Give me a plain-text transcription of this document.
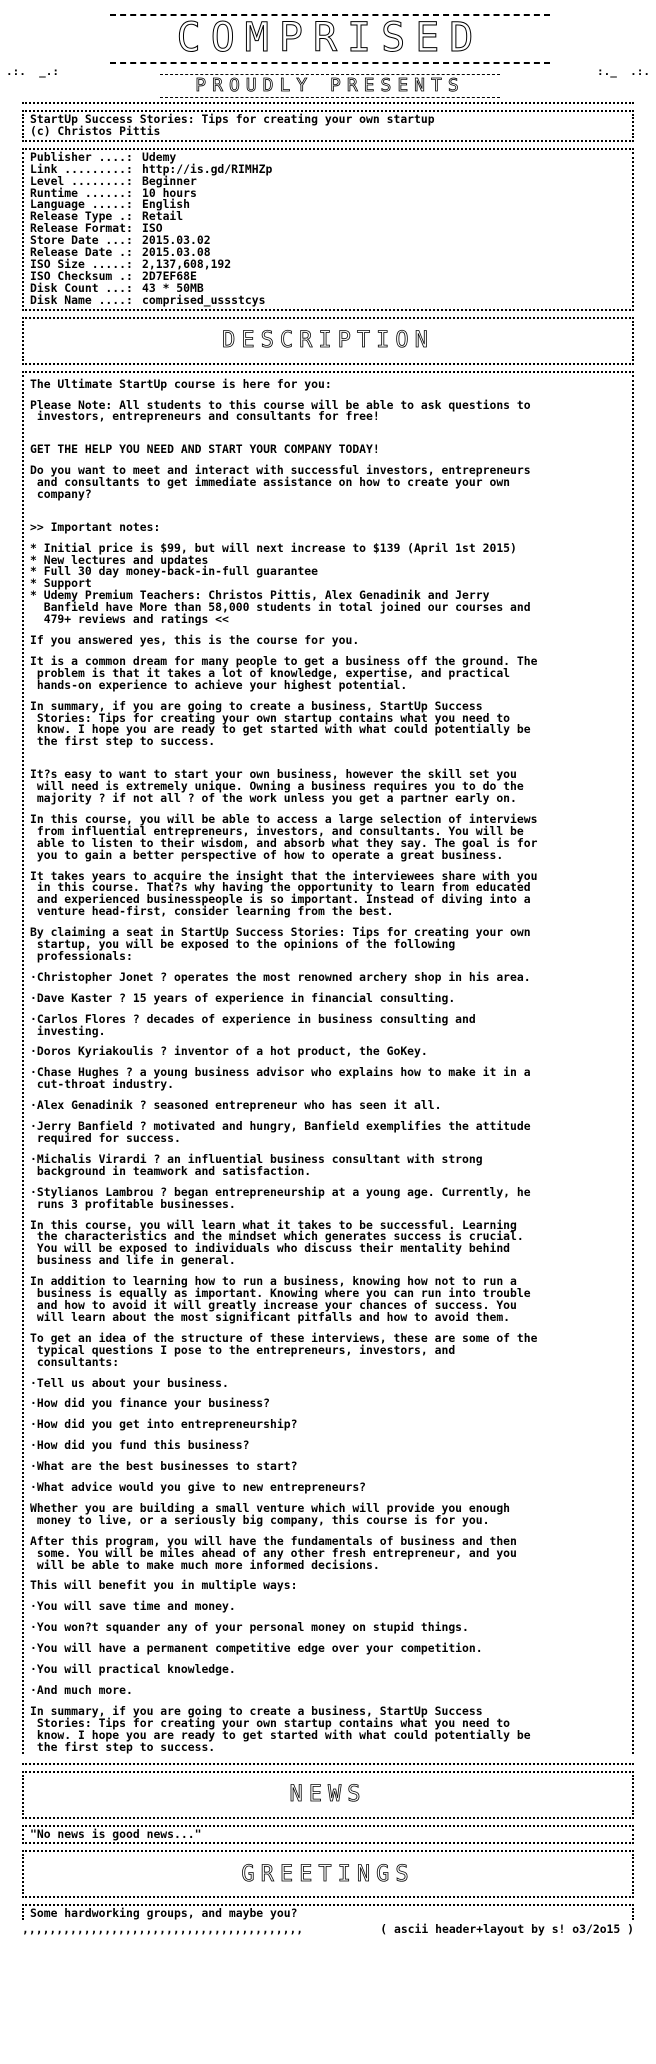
COMPRISED
.:.  _.:	:._  .:.
PROUDLY PRESENTS
StartUp Success Stories: Tips for creating your own startup
(c) Christos Pittis
Publisher ....: Udemy
Link .........: http://is.gd/RIMHZp
Level ........: Beginner
Runtime ......: 10 hours
Language .....: English
Release Type .: Retail
Release Format: ISO
Store Date ...: 2015.03.02
Release Date .: 2015.03.08
ISO Size .....: 2,137,608,192
ISO Checksum .: 2D7EF68E
Disk Count ...: 43 * 50MB
Disk Name ....: comprised_ussstcys
DESCRIPTION
The Ultimate StartUp course is here for you:
Please Note: All students to this course will be able to ask questions to
investors, entrepreneurs and consultants for free!

GET THE HELP YOU NEED AND START YOUR COMPANY TODAY!
Do you want to meet and interact with successful investors, entrepreneurs
and consultants to get immediate assistance on how to create your own
company?

>> Important notes:
* Initial price is $99, but will next increase to $139 (April 1st 2015)
* New lectures and updates
* Full 30 day money-back-in-full guarantee
* Support
* Udemy Premium Teachers: Christos Pittis, Alex Genadinik and Jerry
Banfield have More than 58,000 students in total joined our courses and
479+ reviews and ratings <<
If you answered yes, this is the course for you.
It is a common dream for many people to get a business off the ground. The
problem is that it takes a lot of knowledge, expertise, and practical
hands-on experience to achieve your highest potential.
In summary, if you are going to create a business, StartUp Success
Stories: Tips for creating your own startup contains what you need to
know. I hope you are ready to get started with what could potentially be
the first step to success.

It?s easy to want to start your own business, however the skill set you
will need is extremely unique. Owning a business requires you to do the
majority ? if not all ? of the work unless you get a partner early on.
In this course, you will be able to access a large selection of interviews
from influential entrepreneurs, investors, and consultants. You will be
able to listen to their wisdom, and absorb what they say. The goal is for
you to gain a better perspective of how to operate a great business.
It takes years to acquire the insight that the interviewees share with you
in this course. That?s why having the opportunity to learn from educated
and experienced businesspeople is so important. Instead of diving into a
venture head-first, consider learning from the best.
By claiming a seat in StartUp Success Stories: Tips for creating your own
startup, you will be exposed to the opinions of the following
professionals:
·Christopher Jonet ? operates the most renowned archery shop in his area.
·Dave Kaster ? 15 years of experience in financial consulting.
·Carlos Flores ? decades of experience in business consulting and
investing.
·Doros Kyriakoulis ? inventor of a hot product, the GoKey.
·Chase Hughes ? a young business advisor who explains how to make it in a
cut-throat industry.
·Alex Genadinik ? seasoned entrepreneur who has seen it all.
·Jerry Banfield ? motivated and hungry, Banfield exemplifies the attitude
required for success.
·Michalis Virardi ? an influential business consultant with strong
background in teamwork and satisfaction.
·Stylianos Lambrou ? began entrepreneurship at a young age. Currently, he
runs 3 profitable businesses.
In this course, you will learn what it takes to be successful. Learning
the characteristics and the mindset which generates success is crucial.
You will be exposed to individuals who discuss their mentality behind
business and life in general.
In addition to learning how to run a business, knowing how not to run a
business is equally as important. Knowing where you can run into trouble
and how to avoid it will greatly increase your chances of success. You
will learn about the most significant pitfalls and how to avoid them.
To get an idea of the structure of these interviews, these are some of the
typical questions I pose to the entrepreneurs, investors, and
consultants:
·Tell us about your business.
·How did you finance your business?
·How did you get into entrepreneurship?
·How did you fund this business?
·What are the best businesses to start?
·What advice would you give to new entrepreneurs?
Whether you are building a small venture which will provide you enough
money to live, or a seriously big company, this course is for you.
After this program, you will have the fundamentals of business and then
some. You will be miles ahead of any other fresh entrepreneur, and you
will be able to make much more informed decisions.
This will benefit you in multiple ways:
·You will save time and money.
·You won?t squander any of your personal money on stupid things.
·You will have a permanent competitive edge over your competition.
·You will practical knowledge.
·And much more.
In summary, if you are going to create a business, StartUp Success
Stories: Tips for creating your own startup contains what you need to
know. I hope you are ready to get started with what could potentially be
the first step to success.
NEWS
"No news is good news..."
GREETINGS
Some hardworking groups, and maybe you?
,,,,,,,,,,,,,,,,,,,,,,,,,,,,,,,,,,,,,,,,,	( ascii header+layout by s! o3/2o15 )
